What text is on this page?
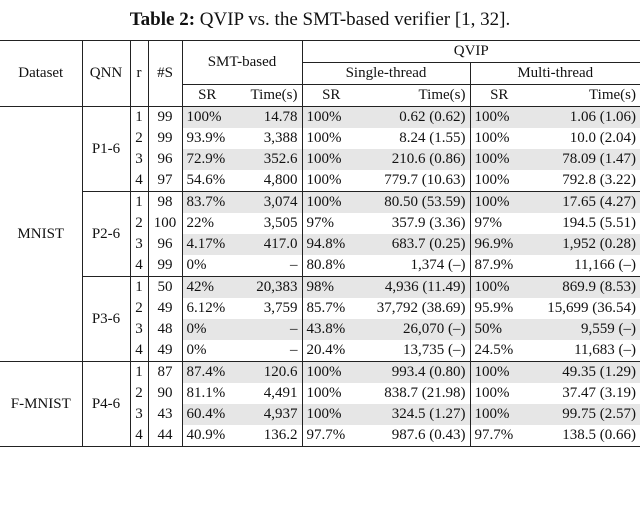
Table 2: QVIP vs. the SMT-based verifier [1, 32].
Dataset	QNN	r	#S	SMT-based		QVIP			
						Single-thread		Multi-thread	
				SR	Time(s)	SR	Time(s)	SR	Time(s)
MNIST	P1-6	1	99	100%	14.78	100%	0.62 (0.62)	100%	1.06 (1.06)
		2	99	93.9%	3,388	100%	8.24 (1.55)	100%	10.0 (2.04)
		3	96	72.9%	352.6	100%	210.6 (0.86)	100%	78.09 (1.47)
		4	97	54.6%	4,800	100%	779.7 (10.63)	100%	792.8 (3.22)
	P2-6	1	98	83.7%	3,074	100%	80.50 (53.59)	100%	17.65 (4.27)
		2	100	22%	3,505	97%	357.9 (3.36)	97%	194.5 (5.51)
		3	96	4.17%	417.0	94.8%	683.7 (0.25)	96.9%	1,952 (0.28)
		4	99	0%	–	80.8%	1,374 (–)	87.9%	11,166 (–)
	P3-6	1	50	42%	20,383	98%	4,936 (11.49)	100%	869.9 (8.53)
		2	49	6.12%	3,759	85.7%	37,792 (38.69)	95.9%	15,699 (36.54)
		3	48	0%	–	43.8%	26,070 (–)	50%	9,559 (–)
		4	49	0%	–	20.4%	13,735 (–)	24.5%	11,683 (–)
F-MNIST	P4-6	1	87	87.4%	120.6	100%	993.4 (0.80)	100%	49.35 (1.29)
		2	90	81.1%	4,491	100%	838.7 (21.98)	100%	37.47 (3.19)
		3	43	60.4%	4,937	100%	324.5 (1.27)	100%	99.75 (2.57)
		4	44	40.9%	136.2	97.7%	987.6 (0.43)	97.7%	138.5 (0.66)
